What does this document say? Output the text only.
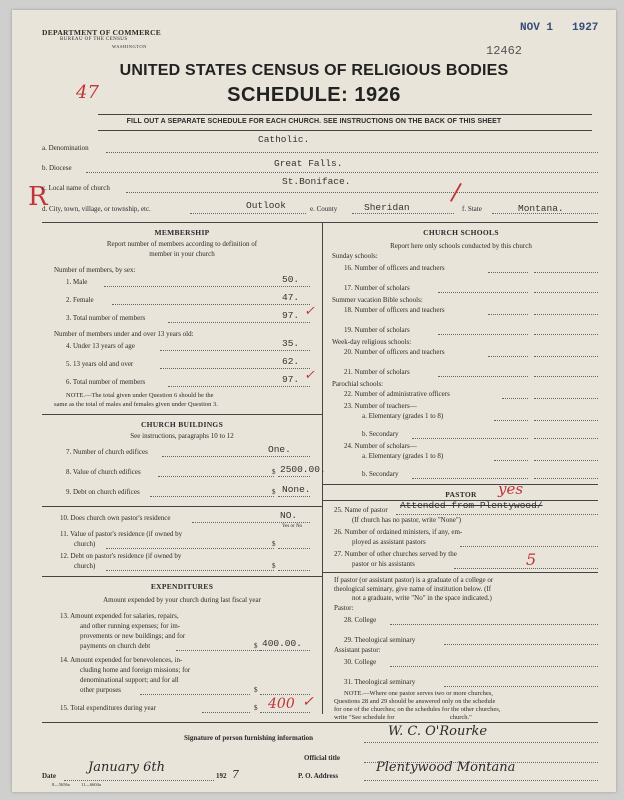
DEPARTMENT OF COMMERCE
BUREAU OF THE CENSUS
WASHINGTON
NOV 1 1927
12462
47
UNITED STATES CENSUS OF RELIGIOUS BODIES
SCHEDULE: 1926
FILL OUT A SEPARATE SCHEDULE FOR EACH CHURCH. SEE INSTRUCTIONS ON THE BACK OF THIS SHEET
a. Denomination
Catholic.
b. Diocese	Great Falls.
R
c. Local name of church
St.Boniface.
d. City, town, village, or township, etc.	Outlook	e. County	Sheridan
/
f. State	Montana.
MEMBERSHIP
Report number of members according to definition of
member in your church
Number of members, by sex:
1. Male	50.
2. Female	47.
3. Total number of members	97. ✓
Number of members under and over 13 years old:
4. Under 13 years of age	35.
5. 13 years old and over	62.
6. Total number of members	97. ✓
NOTE.—The total given under Question 6 should be the
same as the total of males and females given under Question 3.
CHURCH BUILDINGS
See instructions, paragraphs 10 to 12
7. Number of church edifices	One.
8. Value of church edifices	$ 2500.00.
9. Debt on church edifices	$ None.
10. Does church own pastor's residence	NO.
Yes or No
11. Value of pastor's residence (if owned by
church)	$
12. Debt on pastor's residence (if owned by
church)	$
EXPENDITURES
Amount expended by your church during last fiscal year
13. Amount expended for salaries, repairs,
and other running expenses; for im-
provements or new buildings; and for
payments on church debt	$ 400.00.
14. Amount expended for benevolences, in-
cluding home and foreign missions; for
denominational support; and for all
other purposes	$
15. Total expenditures during year	$ 400 ✓
CHURCH SCHOOLS
Report here only schools conducted by this church
Sunday schools:
16. Number of officers and teachers
17. Number of scholars
Summer vacation Bible schools:
18. Number of officers and teachers
19. Number of scholars
Week-day religious schools:
20. Number of officers and teachers
21. Number of scholars
Parochial schools:
22. Number of administrative officers
23. Number of teachers—
a. Elementary (grades 1 to 8)
b. Secondary
24. Number of scholars—
a. Elementary (grades 1 to 8)
b. Secondary
PASTOR
25. Name of pastor Attended from Plentywood/
yes
(If church has no pastor, write "None")
26. Number of ordained ministers, if any, em-
ployed as assistant pastors
27. Number of other churches served by the
pastor or his assistants	5
If pastor (or assistant pastor) is a graduate of a college or
theological seminary, give name of institution below. (If
not a graduate, write "No" in the space indicated.)
Pastor:
28. College
29. Theological seminary
Assistant pastor:
30. College
31. Theological seminary
NOTE.—Where one pastor serves two or more churches,
Questions 28 and 29 should be answered only on the schedule
for one of the churches; on the schedules for the other churches,
write "See schedule for                                  church."
Signature of person furnishing information	W. C. O'Rourke
Official title
Date
January 6th
192 7	P. O. Address
Plentywood Montana
8—5656a          11—6604a
